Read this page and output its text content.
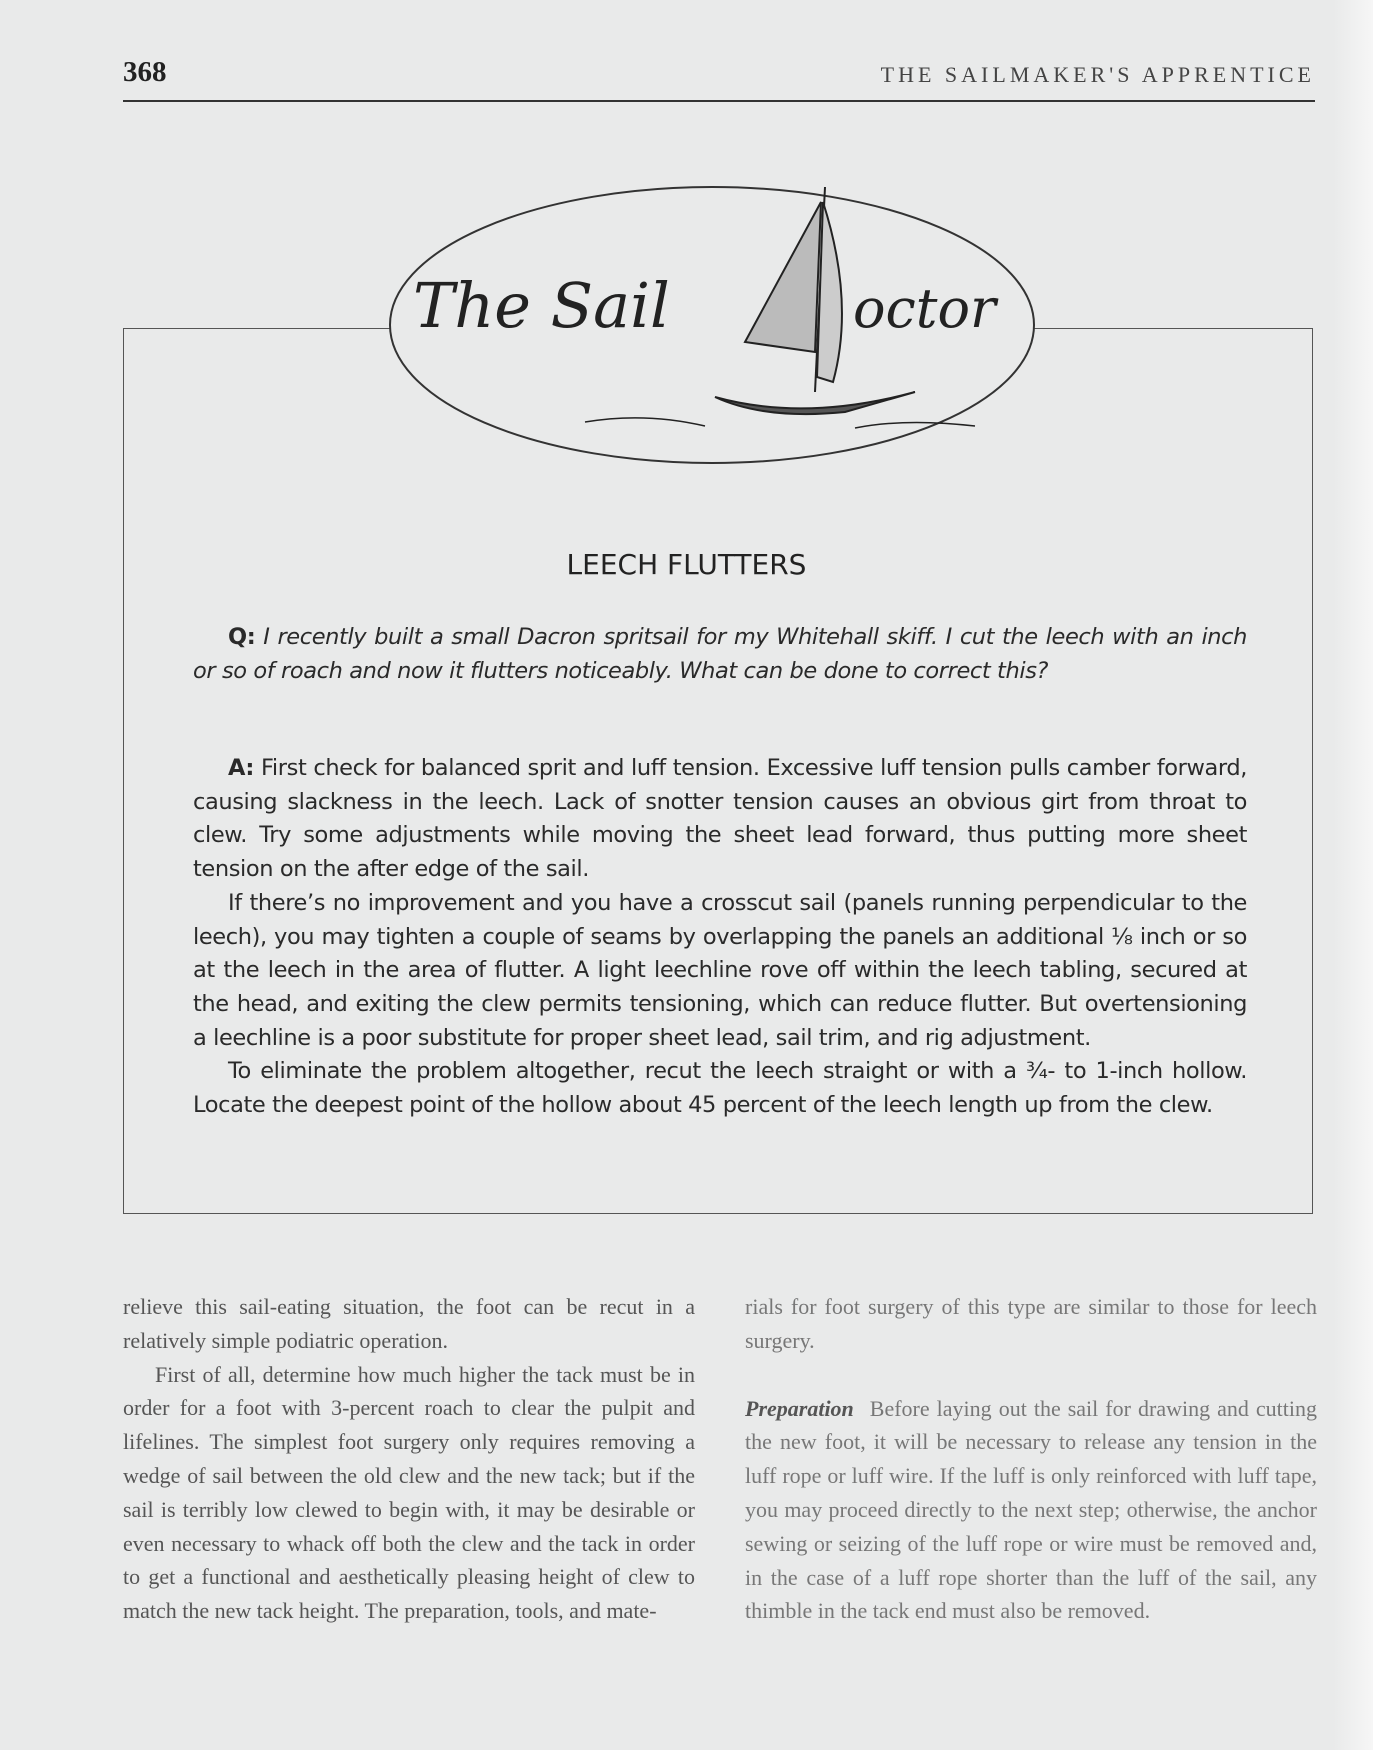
368	THE SAILMAKER'S APPRENTICE
The Sail	octor
LEECH FLUTTERS

Q: I recently built a small Dacron spritsail for my Whitehall skiff. I cut the leech with an inch or so of roach and now it flutters noticeably. What can be done to correct this?

A: First check for balanced sprit and luff tension. Excessive luff tension pulls camber forward, causing slackness in the leech. Lack of snotter tension causes an obvious girt from throat to clew. Try some adjustments while moving the sheet lead forward, thus putting more sheet tension on the after edge of the sail.

If there’s no improvement and you have a crosscut sail (panels running perpendicular to the leech), you may tighten a couple of seams by overlapping the panels an additional ⅛ inch or so at the leech in the area of flutter. A light leechline rove off within the leech tabling, secured at the head, and exiting the clew permits tensioning, which can reduce flutter. But overtensioning a leechline is a poor substitute for proper sheet lead, sail trim, and rig adjustment.

To eliminate the problem altogether, recut the leech straight or with a ¾- to 1-inch hollow. Locate the deepest point of the hollow about 45 percent of the leech length up from the clew.

relieve this sail-eating situation, the foot can be recut in a relatively simple podiatric operation.

First of all, determine how much higher the tack must be in order for a foot with 3-percent roach to clear the pulpit and lifelines. The simplest foot surgery only requires removing a wedge of sail between the old clew and the new tack; but if the sail is terribly low clewed to begin with, it may be desirable or even necessary to whack off both the clew and the tack in order to get a functional and aesthetically pleasing height of clew to match the new tack height. The preparation, tools, and mate-

rials for foot surgery of this type are similar to those for leech surgery.

Preparation Before laying out the sail for drawing and cutting the new foot, it will be necessary to release any tension in the luff rope or luff wire. If the luff is only reinforced with luff tape, you may proceed directly to the next step; otherwise, the anchor sewing or seizing of the luff rope or wire must be removed and, in the case of a luff rope shorter than the luff of the sail, any thimble in the tack end must also be removed.
